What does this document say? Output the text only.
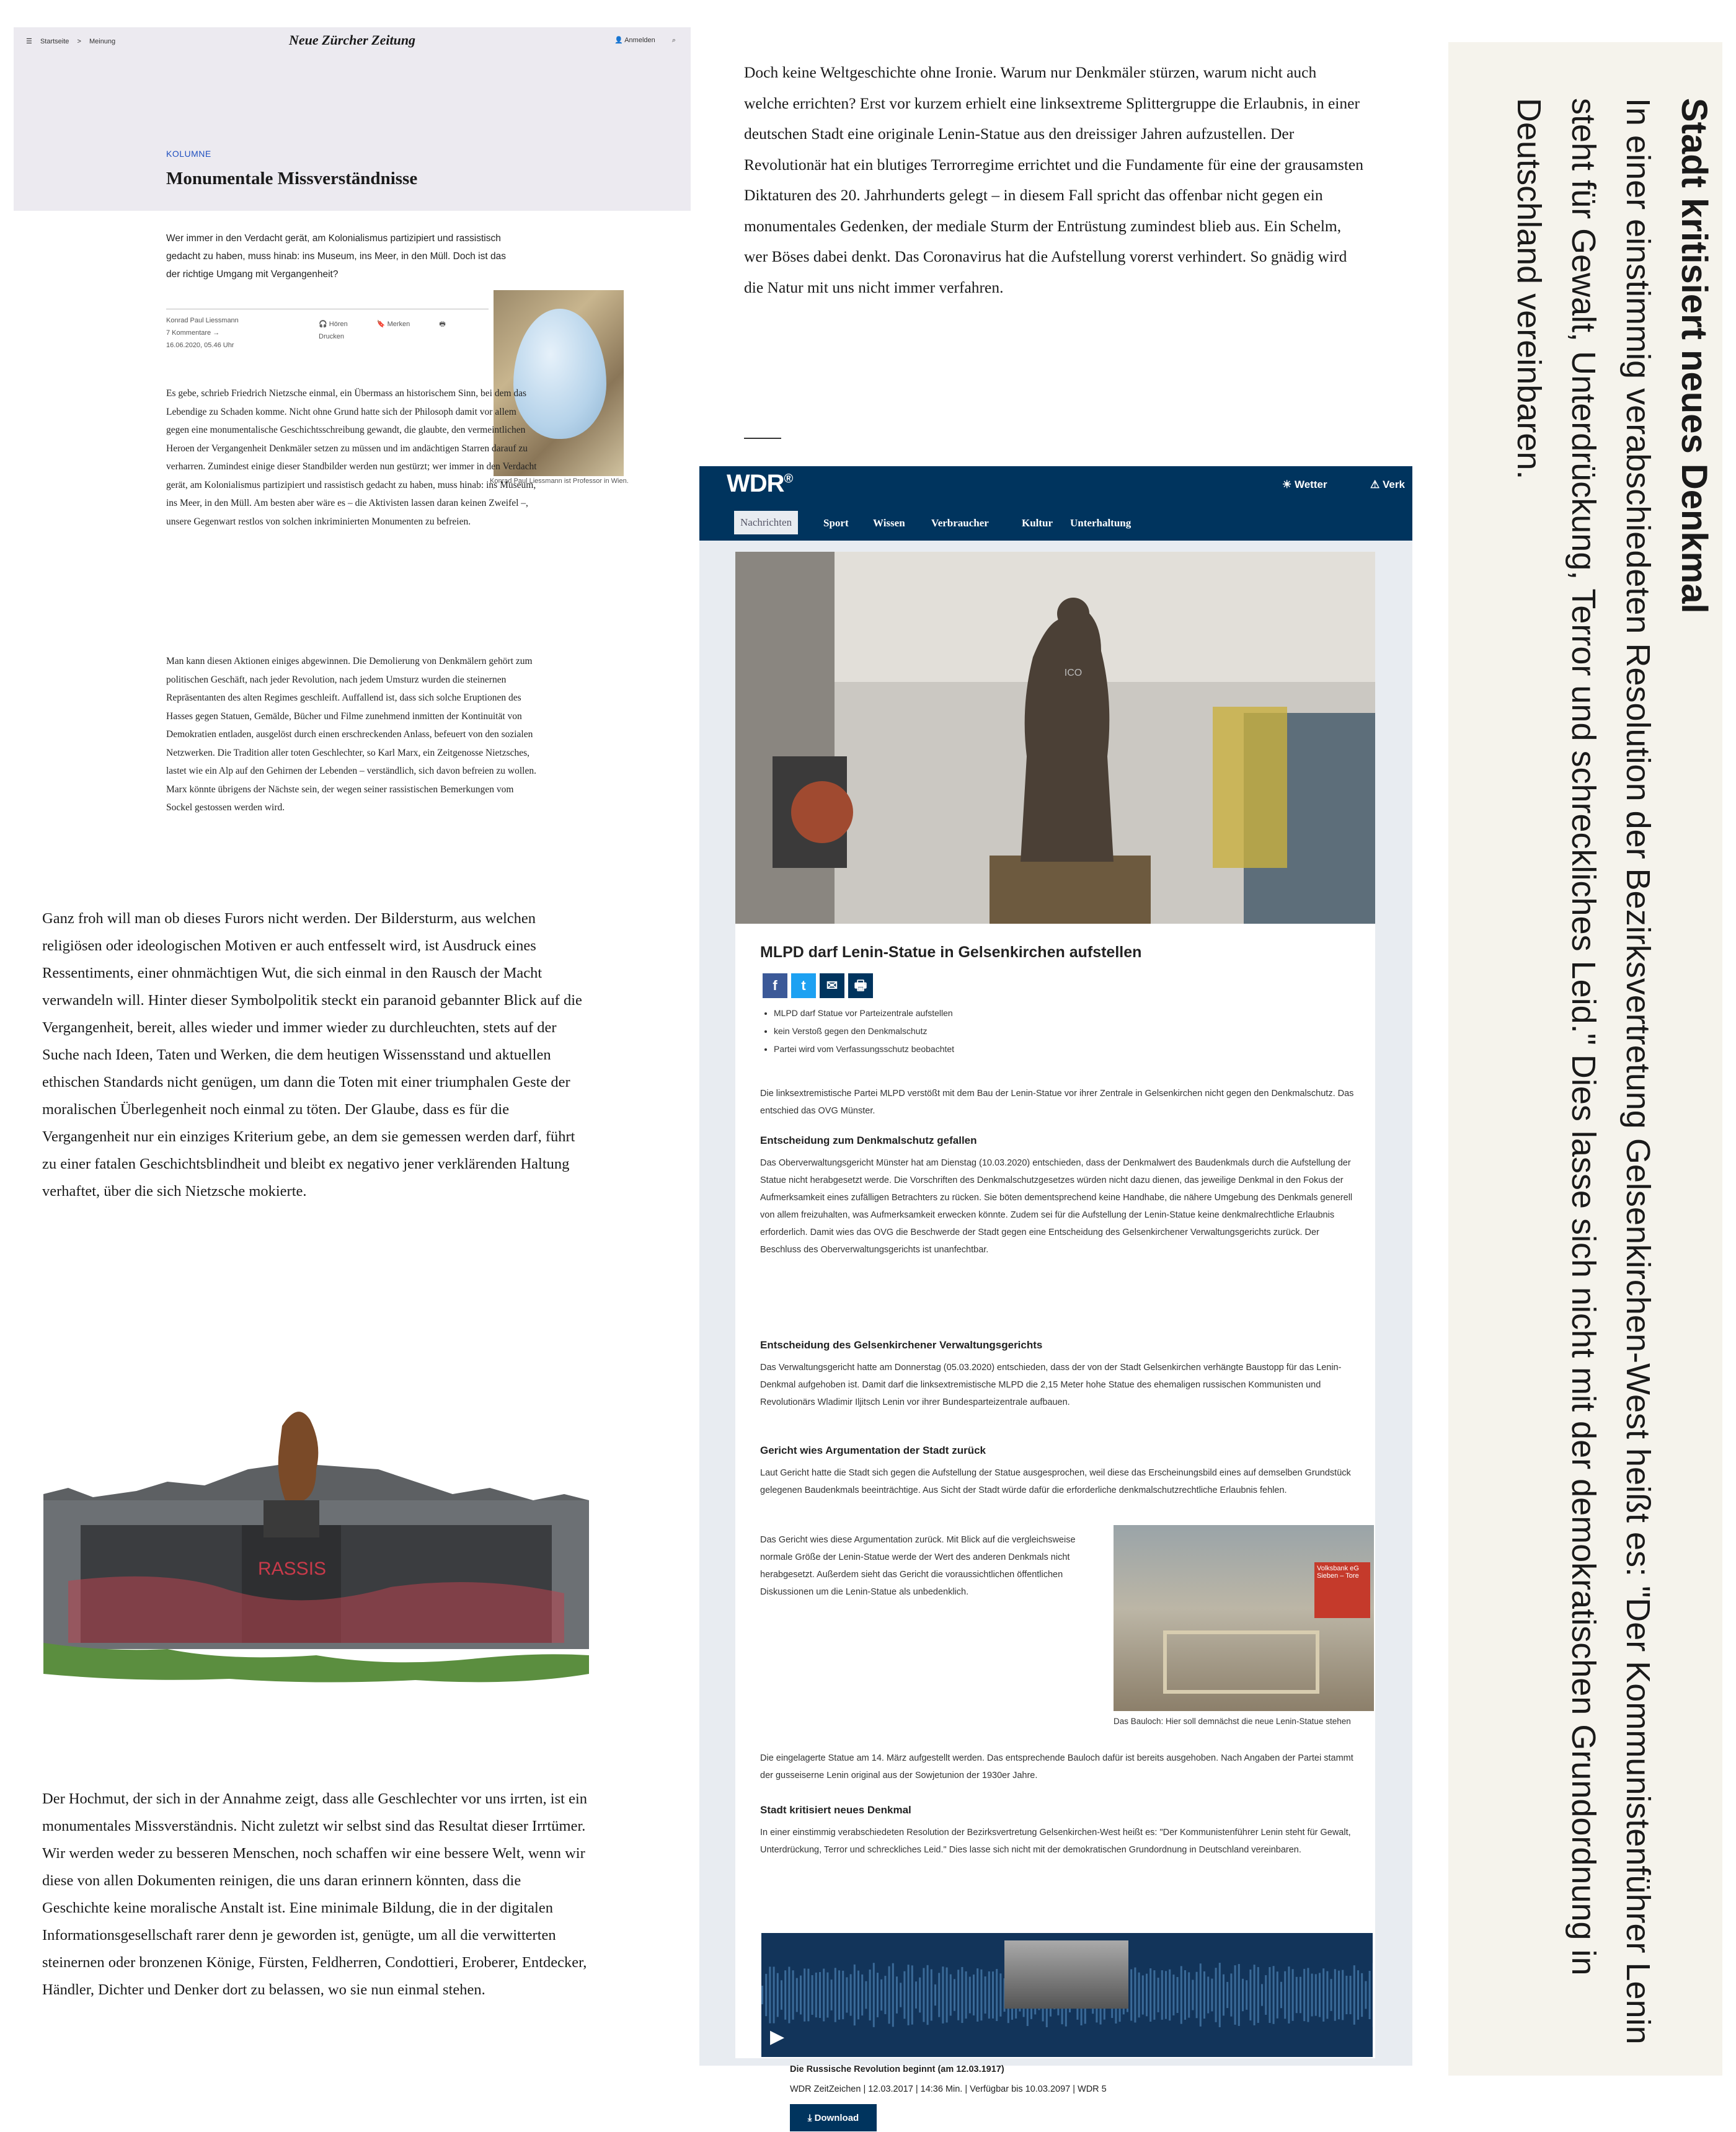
☰ Startseite > Meinung	Neue Zürcher Zeitung	👤 Anmelden ⌕
KOLUMNE
Monumentale Missverständnisse
Wer immer in den Verdacht gerät, am Kolonialismus partizipiert und rassistisch gedacht zu haben, muss hinab: ins Museum, ins Meer, in den Müll. Doch ist das der richtige Umgang mit Vergangenheit?
Konrad Paul Liessmann
7 Kommentare →
16.06.2020, 05.46 Uhr
🎧 Hören	🔖 Merken	🖶 Drucken
Konrad Paul Liessmann ist Professor in Wien.
Es gebe, schrieb Friedrich Nietzsche einmal, ein Übermass an historischem Sinn, bei dem das Lebendige zu Schaden komme. Nicht ohne Grund hatte sich der Philosoph damit vor allem gegen eine monumentalische Geschichtsschreibung gewandt, die glaubte, den vermeintlichen Heroen der Vergangenheit Denkmäler setzen zu müssen und im andächtigen Starren darauf zu verharren. Zumindest einige dieser Standbilder werden nun gestürzt; wer immer in den Verdacht gerät, am Kolonialismus partizipiert und rassistisch gedacht zu haben, muss hinab: ins Museum, ins Meer, in den Müll. Am besten aber wäre es – die Aktivisten lassen daran keinen Zweifel –, unsere Gegenwart restlos von solchen inkriminierten Monumenten zu befreien.
Man kann diesen Aktionen einiges abgewinnen. Die Demolierung von Denkmälern gehört zum politischen Geschäft, nach jeder Revolution, nach jedem Umsturz wurden die steinernen Repräsentanten des alten Regimes geschleift. Auffallend ist, dass sich solche Eruptionen des Hasses gegen Statuen, Gemälde, Bücher und Filme zunehmend inmitten der Kontinuität von Demokratien entladen, ausgelöst durch einen erschreckenden Anlass, befeuert von den sozialen Netzwerken. Die Tradition aller toten Geschlechter, so Karl Marx, ein Zeitgenosse Nietzsches, lastet wie ein Alp auf den Gehirnen der Lebenden – verständlich, sich davon befreien zu wollen. Marx könnte übrigens der Nächste sein, der wegen seiner rassistischen Bemerkungen vom Sockel gestossen werden wird.
Ganz froh will man ob dieses Furors nicht werden. Der Bildersturm, aus welchen religiösen oder ideologischen Motiven er auch entfesselt wird, ist Ausdruck eines Ressentiments, einer ohnmächtigen Wut, die sich einmal in den Rausch der Macht verwandeln will. Hinter dieser Symbolpolitik steckt ein paranoid gebannter Blick auf die Vergangenheit, bereit, alles wieder und immer wieder zu durchleuchten, stets auf der Suche nach Ideen, Taten und Werken, die dem heutigen Wissensstand und aktuellen ethischen Standards nicht genügen, um dann die Toten mit einer triumphalen Geste der moralischen Überlegenheit noch einmal zu töten. Der Glaube, dass es für die Vergangenheit nur ein einziges Kriterium gebe, an dem sie gemessen werden darf, führt zu einer fatalen Geschichtsblindheit und bleibt ex negativo jener verklärenden Haltung verhaftet, über die sich Nietzsche mokierte.
RASSIS
Der Hochmut, der sich in der Annahme zeigt, dass alle Geschlechter vor uns irrten, ist ein monumentales Missverständnis. Nicht zuletzt wir selbst sind das Resultat dieser Irrtümer. Wir werden weder zu besseren Menschen, noch schaffen wir eine bessere Welt, wenn wir diese von allen Dokumenten reinigen, die uns daran erinnern könnten, dass die Geschichte keine moralische Anstalt ist. Eine minimale Bildung, die in der digitalen Informationsgesellschaft rarer denn je geworden ist, genügte, um all die verwitterten steinernen oder bronzenen Könige, Fürsten, Feldherren, Condottieri, Eroberer, Entdecker, Händler, Dichter und Denker dort zu belassen, wo sie nun einmal stehen.
Doch keine Weltgeschichte ohne Ironie. Warum nur Denkmäler stürzen, warum nicht auch welche errichten? Erst vor kurzem erhielt eine linksextreme Splittergruppe die Erlaubnis, in einer deutschen Stadt eine originale Lenin-Statue aus den dreissiger Jahren aufzustellen. Der Revolutionär hat ein blutiges Terrorregime errichtet und die Fundamente für eine der grausamsten Diktaturen des 20. Jahrhunderts gelegt – in diesem Fall spricht das offenbar nicht gegen ein monumentales Gedenken, der mediale Sturm der Entrüstung zumindest blieb aus. Ein Schelm, wer Böses dabei denkt. Das Coronavirus hat die Aufstellung vorerst verhindert. So gnädig wird die Natur mit uns nicht immer verfahren.
WDR®	☀ Wetter	⚠ Verk
Nachrichten	Sport Wissen Verbraucher	Kultur Unterhaltung
ICO
MLPD darf Lenin-Statue in Gelsenkirchen aufstellen
f t ✉ 🖶
• MLPD darf Statue vor Parteizentrale aufstellen
• kein Verstoß gegen den Denkmalschutz
• Partei wird vom Verfassungsschutz beobachtet

Die linksextremistische Partei MLPD verstößt mit dem Bau der Lenin-Statue vor ihrer Zentrale in Gelsenkirchen nicht gegen den Denkmalschutz. Das entschied das OVG Münster.

Entscheidung zum Denkmalschutz gefallen

Das Oberverwaltungsgericht Münster hat am Dienstag (10.03.2020) entschieden, dass der Denkmalwert des Baudenkmals durch die Aufstellung der Statue nicht herabgesetzt werde. Die Vorschriften des Denkmalschutzgesetzes würden nicht dazu dienen, das jeweilige Denkmal in den Fokus der Aufmerksamkeit eines zufälligen Betrachters zu rücken. Sie böten dementsprechend keine Handhabe, die nähere Umgebung des Denkmals generell von allem freizuhalten, was Aufmerksamkeit erwecken könnte. Zudem sei für die Aufstellung der Lenin-Statue keine denkmalrechtliche Erlaubnis erforderlich. Damit wies das OVG die Beschwerde der Stadt gegen eine Entscheidung des Gelsenkirchener Verwaltungsgerichts zurück. Der Beschluss des Oberverwaltungsgerichts ist unanfechtbar.

Entscheidung des Gelsenkirchener Verwaltungsgerichts

Das Verwaltungsgericht hatte am Donnerstag (05.03.2020) entschieden, dass der von der Stadt Gelsenkirchen verhängte Baustopp für das Lenin-Denkmal aufgehoben ist. Damit darf die linksextremistische MLPD die 2,15 Meter hohe Statue des ehemaligen russischen Kommunisten und Revolutionärs Wladimir Iljitsch Lenin vor ihrer Bundesparteizentrale aufbauen.

Gericht wies Argumentation der Stadt zurück

Laut Gericht hatte die Stadt sich gegen die Aufstellung der Statue ausgesprochen, weil diese das Erscheinungsbild eines auf demselben Grundstück gelegenen Baudenkmals beeinträchtige. Aus Sicht der Stadt würde dafür die erforderliche denkmalschutzrechtliche Erlaubnis fehlen.

Das Gericht wies diese Argumentation zurück. Mit Blick auf die vergleichsweise normale Größe der Lenin-Statue werde der Wert des anderen Denkmals nicht herabgesetzt. Außerdem sieht das Gericht die voraussichtlichen öffentlichen Diskussionen um die Lenin-Statue als unbedenklich.

Volksbank eG Sieben – Tore
Das Bauloch: Hier soll demnächst die neue Lenin-Statue stehen

Die eingelagerte Statue am 14. März aufgestellt werden. Das entsprechende Bauloch dafür ist bereits ausgehoben. Nach Angaben der Partei stammt der gusseiserne Lenin original aus der Sowjetunion der 1930er Jahre.

Stadt kritisiert neues Denkmal

In einer einstimmig verabschiedeten Resolution der Bezirksvertretung Gelsenkirchen-West heißt es: "Der Kommunistenführer Lenin steht für Gewalt, Unterdrückung, Terror und schreckliches Leid." Dies lasse sich nicht mit der demokratischen Grundordnung in Deutschland vereinbaren.

▶
Die Russische Revolution beginnt (am 12.03.1917)
WDR ZeitZeichen | 12.03.2017 | 14:36 Min. | Verfügbar bis 10.03.2097 | WDR 5
⤓ Download
Stadt kritisiert neues Denkmal
In einer einstimmig verabschiedeten Resolution der Bezirksvertretung Gelsenkirchen-West heißt es: "Der Kommunistenführer Lenin steht für Gewalt, Unterdrückung, Terror und schreckliches Leid." Dies lasse sich nicht mit der demokratischen Grundordnung in Deutschland vereinbaren.
